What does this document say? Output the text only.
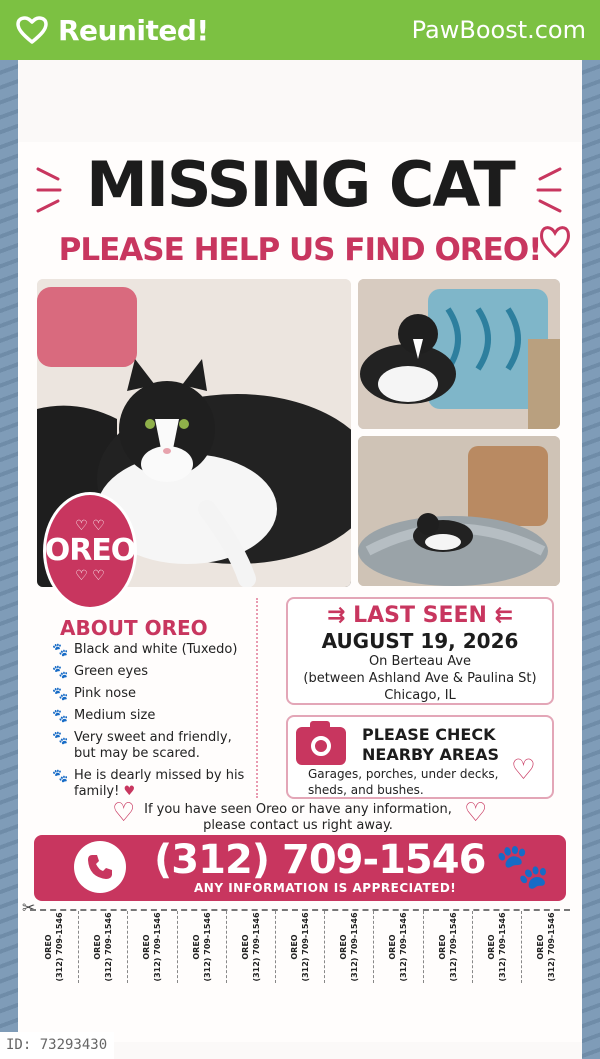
Reunited!	PawBoost.com
MISSING CAT
PLEASE HELP US FIND OREO!
♡ ♡
OREO
♡ ♡
ABOUT OREO
🐾 Black and white (Tuxedo)
🐾 Green eyes
🐾 Pink nose
🐾 Medium size
🐾 Very sweet and friendly, but may be scared.
🐾 He is dearly missed by his family! ♥
⇉ LAST SEEN ⇇
AUGUST 19, 2026
On Berteau Ave
(between Ashland Ave & Paulina St)
Chicago, IL
PLEASE CHECK
NEARBY AREAS
Garages, porches, under decks,
sheds, and bushes.
♡
♡ If you have seen Oreo or have any information,
please contact us right away.	♡
(312) 709-1546
ANY INFORMATION IS APPRECIATED! 🐾
✂
OREO (312) 709-1546	OREO (312) 709-1546	OREO (312) 709-1546	OREO (312) 709-1546	OREO (312) 709-1546	OREO (312) 709-1546	OREO (312) 709-1546	OREO (312) 709-1546	OREO (312) 709-1546	OREO (312) 709-1546	OREO (312) 709-1546
ID: 73293430
